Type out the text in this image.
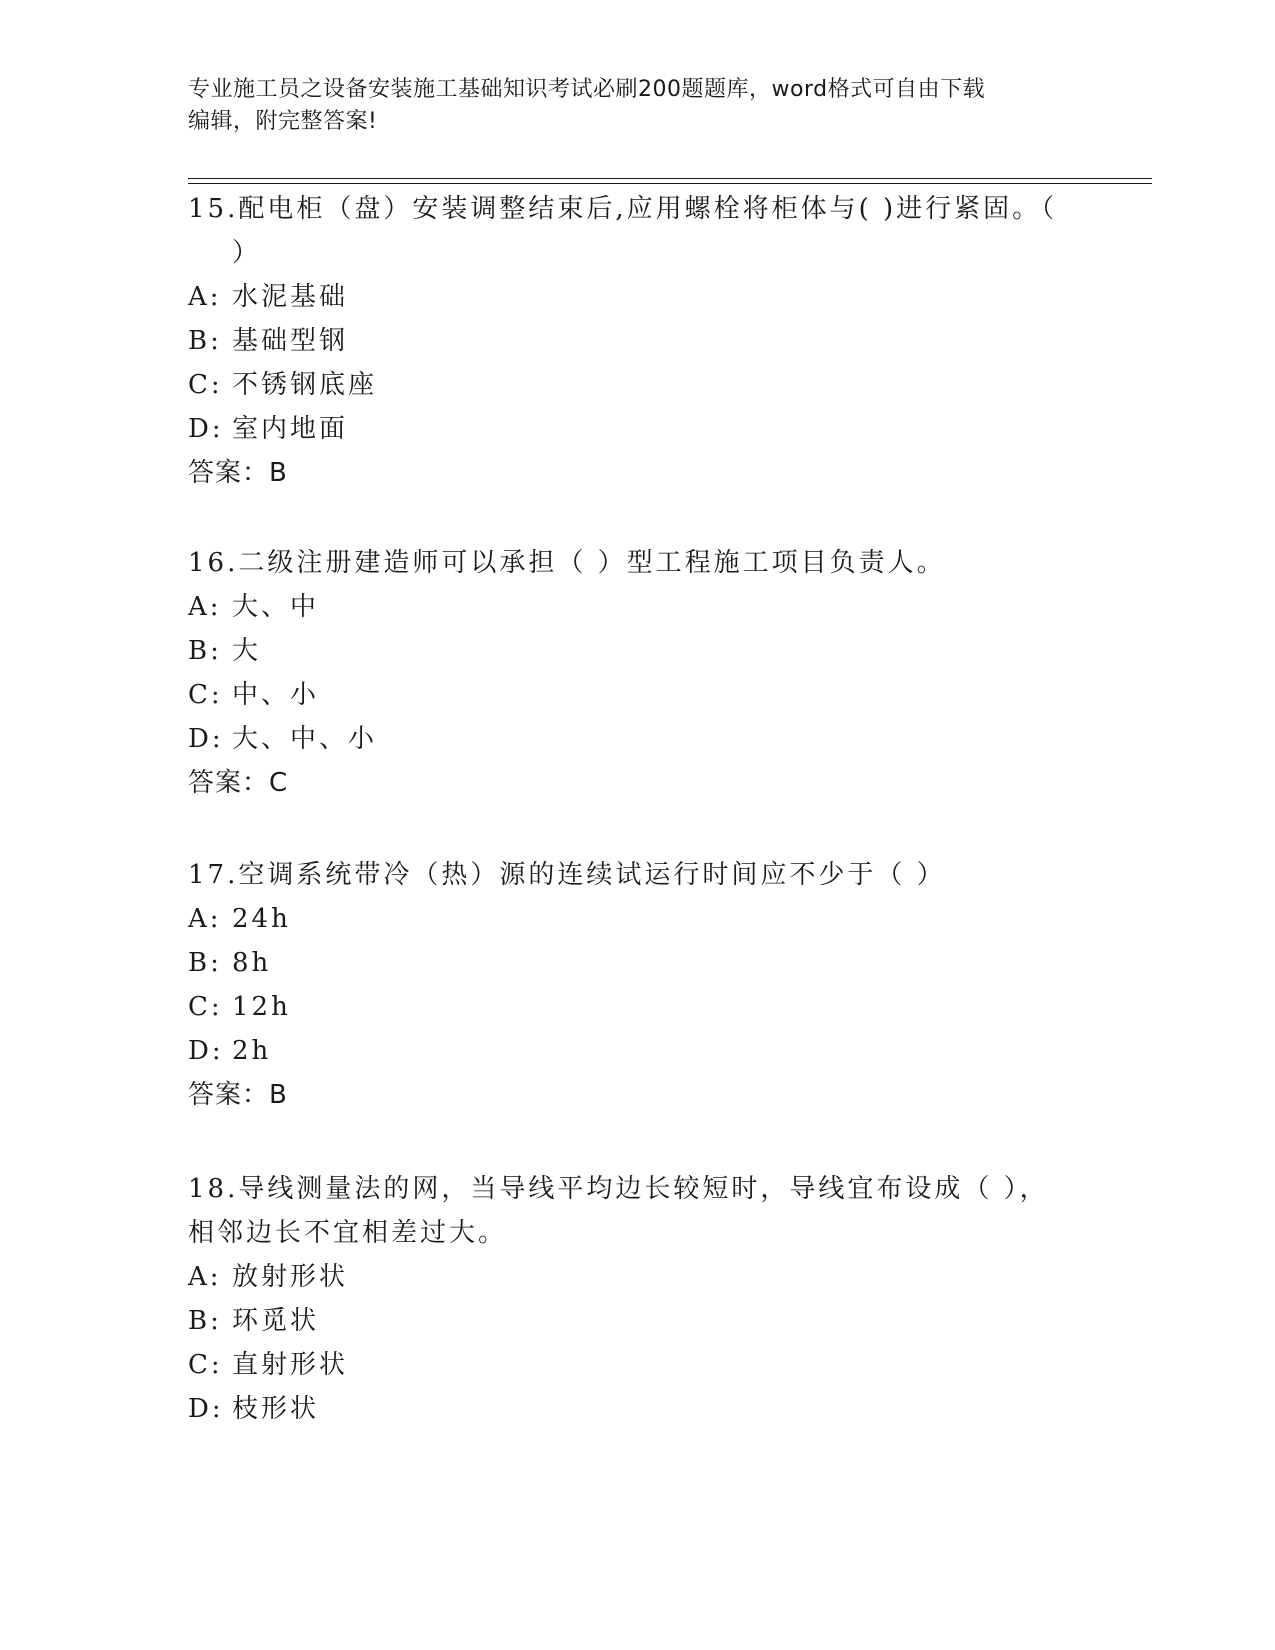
专业施工员之设备安装施工基础知识考试必刷200题题库，word格式可自由下载
编辑，附完整答案!
15.配电柜（盘）安装调整结束后,应用螺栓将柜体与( )进行紧固。（
）
A: 水泥基础
B: 基础型钢
C: 不锈钢底座
D: 室内地面
答案：B
16.二级注册建造师可以承担（ ）型工程施工项目负责人。
A: 大、中
B: 大
C: 中、小
D: 大、中、小
答案：C
17.空调系统带冷（热）源的连续试运行时间应不少于（ ）
A: 24h
B: 8h
C: 12h
D: 2h
答案：B
18.导线测量法的网，当导线平均边长较短时，导线宜布设成（ ），
相邻边长不宜相差过大。
A: 放射形状
B: 环觅状
C: 直射形状
D: 枝形状
